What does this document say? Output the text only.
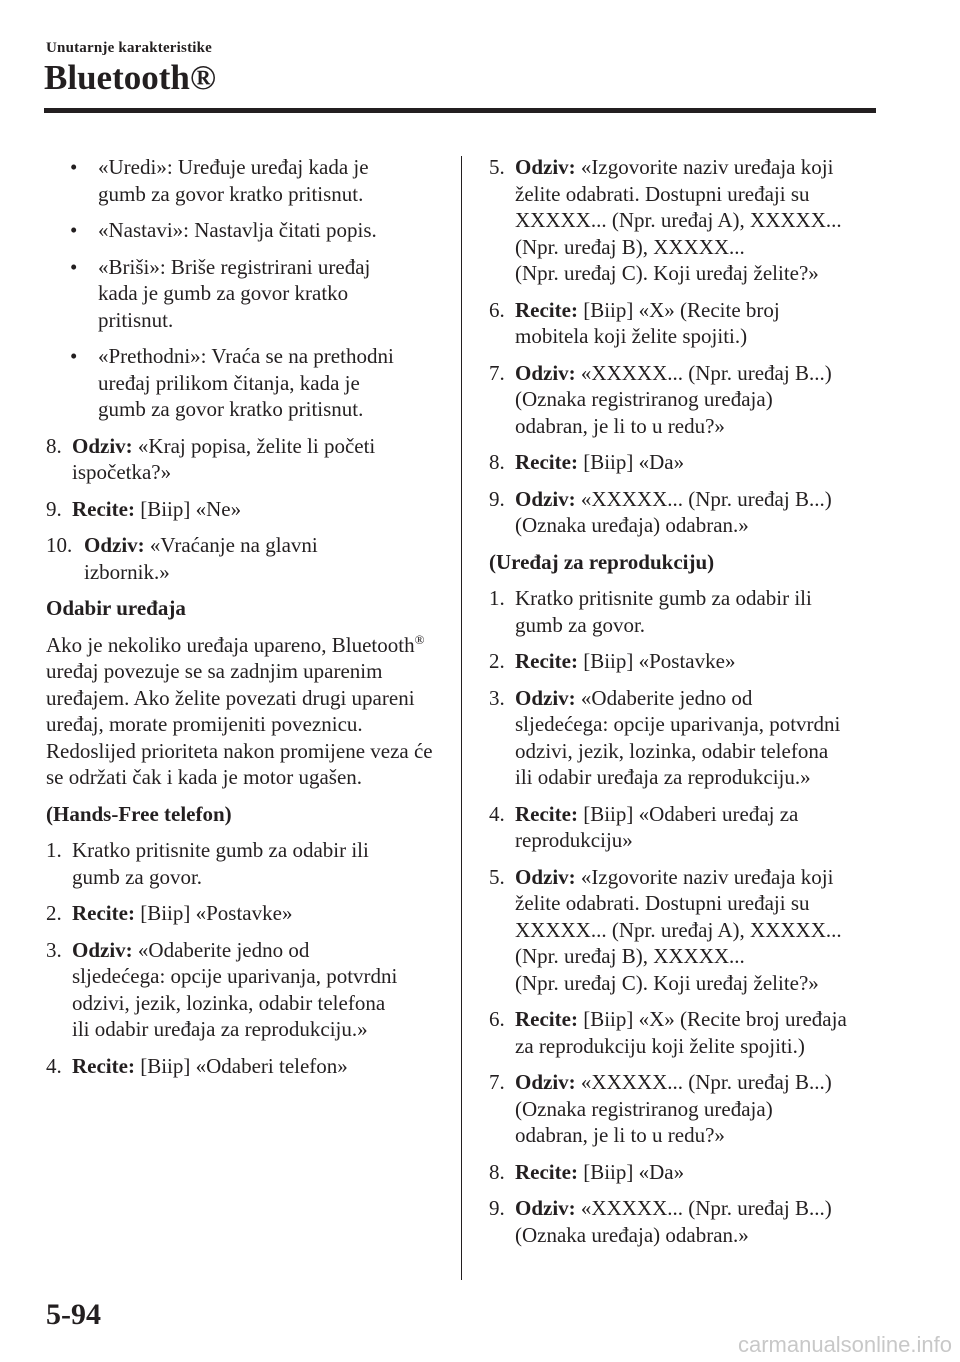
Unutarnje karakteristike
Bluetooth®
• «Uredi»: Uređuje uređaj kada je
gumb za govor kratko pritisnut.
• «Nastavi»: Nastavlja čitati popis.
• «Briši»: Briše registrirani uređaj
kada je gumb za govor kratko
pritisnut.
• «Prethodni»: Vraća se na prethodni
uređaj prilikom čitanja, kada je
gumb za govor kratko pritisnut.
8. Odziv: «Kraj popisa, želite li početi
ispočetka?»
9. Recite: [Biip] «Ne»
10. Odziv: «Vraćanje na glavni
izbornik.»
Odabir uređaja
Ako je nekoliko uređaja upareno, Bluetooth® uređaj povezuje se sa zadnjim uparenim uređajem. Ako želite povezati drugi upareni uređaj, morate promijeniti poveznicu. Redoslijed prioriteta nakon promijene veza će se održati čak i kada je motor ugašen.
(Hands-Free telefon)
1. Kratko pritisnite gumb za odabir ili
gumb za govor.
2. Recite: [Biip] «Postavke»
3. Odziv: «Odaberite jedno od
sljedećega: opcije uparivanja, potvrdni
odzivi, jezik, lozinka, odabir telefona
ili odabir uređaja za reprodukciju.»
4. Recite: [Biip] «Odaberi telefon»
5. Odziv: «Izgovorite naziv uređaja koji
želite odabrati. Dostupni uređaji su
XXXXX... (Npr. uređaj A), XXXXX...
(Npr. uređaj B), XXXXX...
(Npr. uređaj C). Koji uređaj želite?»
6. Recite: [Biip] «X» (Recite broj
mobitela koji želite spojiti.)
7. Odziv: «XXXXX... (Npr. uređaj B...)
(Oznaka registriranog uređaja)
odabran, je li to u redu?»
8. Recite: [Biip] «Da»
9. Odziv: «XXXXX... (Npr. uređaj B...)
(Oznaka uređaja) odabran.»
(Uređaj za reprodukciju)
1. Kratko pritisnite gumb za odabir ili
gumb za govor.
2. Recite: [Biip] «Postavke»
3. Odziv: «Odaberite jedno od
sljedećega: opcije uparivanja, potvrdni
odzivi, jezik, lozinka, odabir telefona
ili odabir uređaja za reprodukciju.»
4. Recite: [Biip] «Odaberi uređaj za
reprodukciju»
5. Odziv: «Izgovorite naziv uređaja koji
želite odabrati. Dostupni uređaji su
XXXXX... (Npr. uređaj A), XXXXX...
(Npr. uređaj B), XXXXX...
(Npr. uređaj C). Koji uređaj želite?»
6. Recite: [Biip] «X» (Recite broj uređaja
za reprodukciju koji želite spojiti.)
7. Odziv: «XXXXX... (Npr. uređaj B...)
(Oznaka registriranog uređaja)
odabran, je li to u redu?»
8. Recite: [Biip] «Da»
9. Odziv: «XXXXX... (Npr. uređaj B...)
(Oznaka uređaja) odabran.»
5-94
carmanualsonline.info
